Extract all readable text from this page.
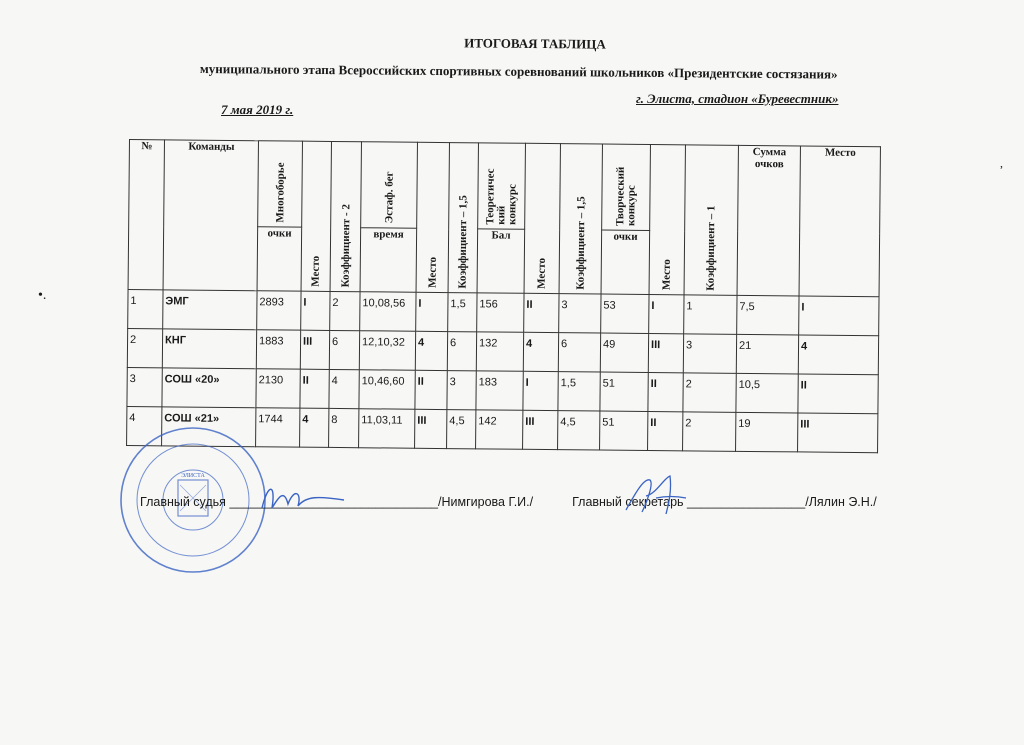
ИТОГОВАЯ ТАБЛИЦА
муниципального этапа Всероссийских спортивных соревнований школьников «Президентские состязания»
г. Элиста, стадион «Буревестник»
7 мая 2019 г.
•.
,
№	Команды	Многоборье	Место	Коэффициент - 2	Эстаф. бег	Место	Коэффициент – 1,5	Теоретичес
кий
конкурс	Место	Коэффициент – 1,5	Творческий
конкурс	Место	Коэффициент – 1	Сумма очков	Место
		очки			время			Бал			очки				
1	ЭМГ	2893	I	2	10,08,56	I	1,5	156	II	3	53	I	1	7,5	I
2	КНГ	1883	III	6	12,10,32	4	6	132	4	6	49	III	3	21	4
3	СОШ «20»	2130	II	4	10,46,60	II	3	183	I	1,5	51	II	2	10,5	II
4	СОШ «21»	1744	4	8	11,03,11	III	4,5	142	III	4,5	51	II	2	19	III
ЭЛИСТА
Главный судья ______________________________/Нимгирова Г.И./	Главный секретарь _________________/Лялин Э.Н./
